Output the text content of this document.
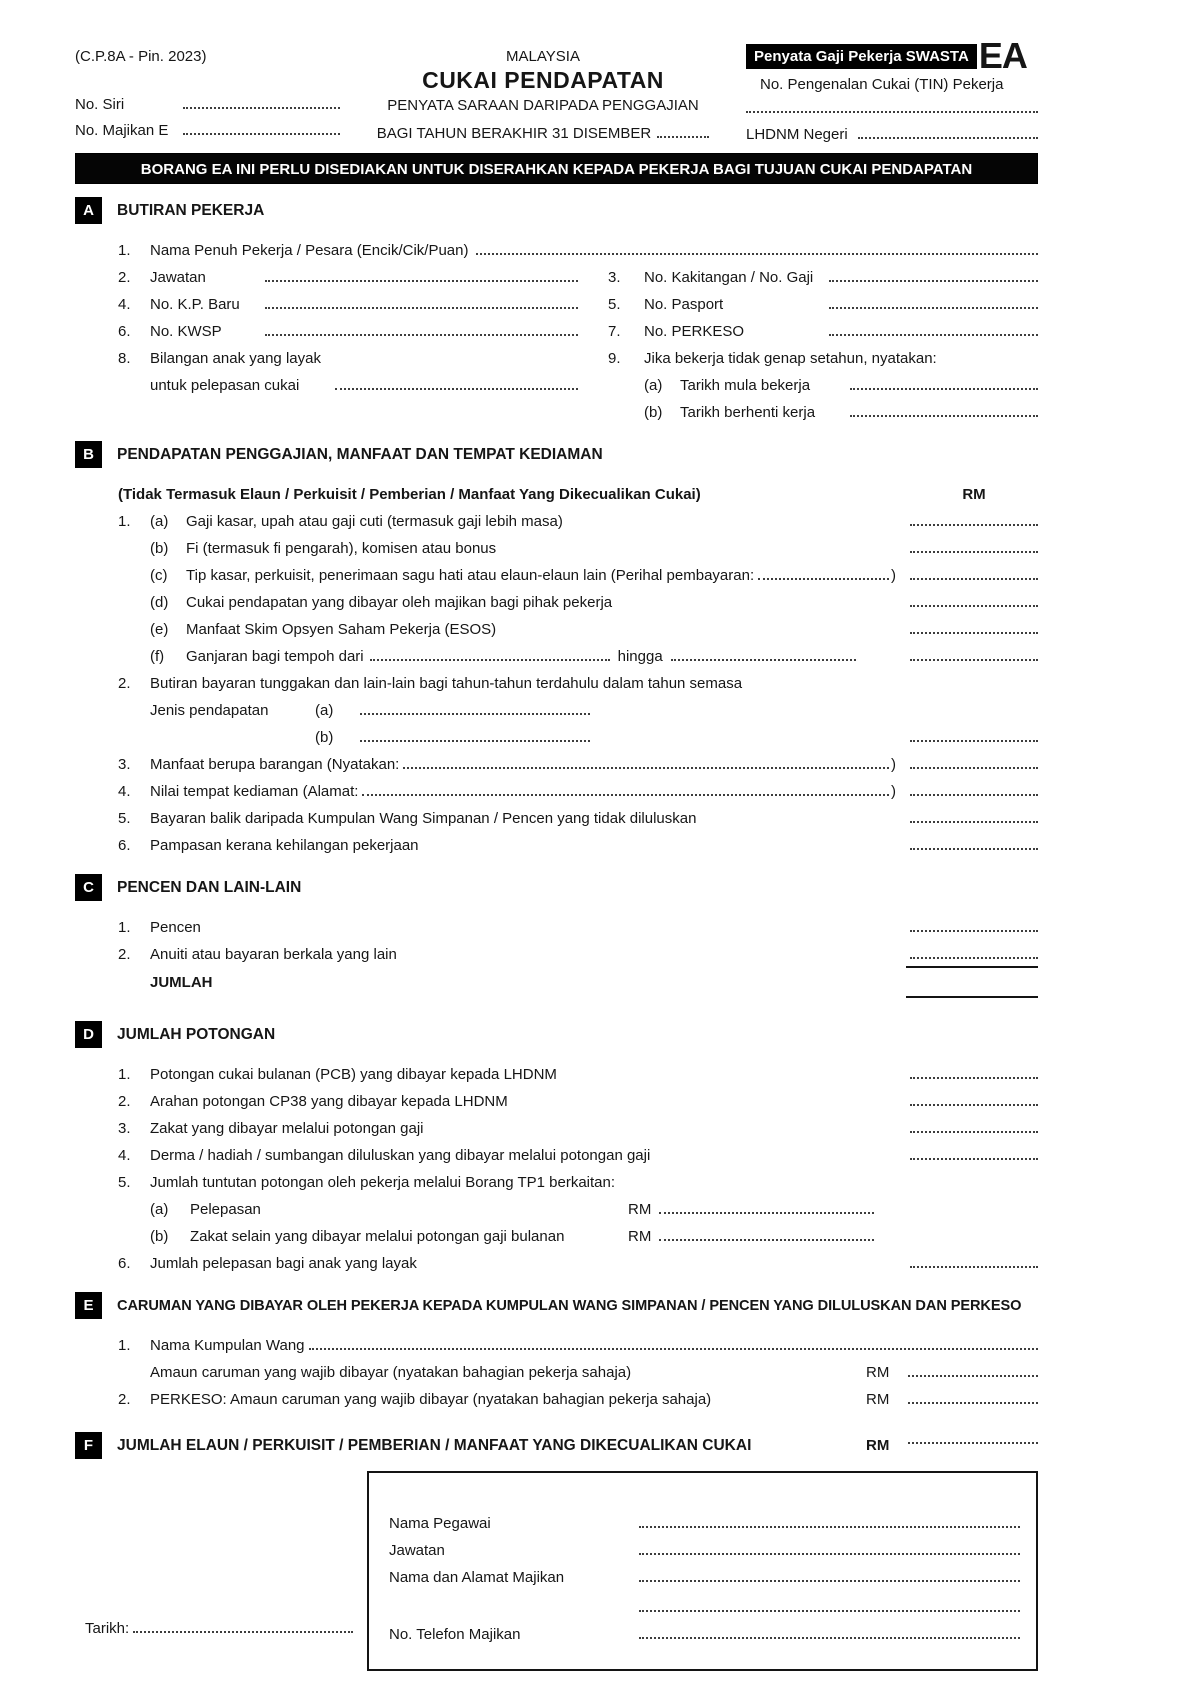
(C.P.8A - Pin. 2023)
No. Siri
No. Majikan E
MALAYSIA
CUKAI PENDAPATAN
PENYATA SARAAN DARIPADA PENGGAJIAN
BAGI TAHUN BERAKHIR 31 DISEMBER
Penyata Gaji Pekerja SWASTA EA
No. Pengenalan Cukai (TIN) Pekerja
LHDNM Negeri
BORANG EA INI PERLU DISEDIAKAN UNTUK DISERAHKAN KEPADA PEKERJA BAGI TUJUAN CUKAI PENDAPATAN
A	BUTIRAN PEKERJA
1.	Nama Penuh Pekerja / Pesara (Encik/Cik/Puan)
2.	Jawatan	3.	No. Kakitangan / No. Gaji
4.	No. K.P. Baru	5.	No. Pasport
6.	No. KWSP	7.	No. PERKESO
8.	Bilangan anak yang layak	9.	Jika bekerja tidak genap setahun, nyatakan:
untuk pelepasan cukai	(a)	Tarikh mula bekerja
(b)	Tarikh berhenti kerja
B	PENDAPATAN PENGGAJIAN, MANFAAT DAN TEMPAT KEDIAMAN
(Tidak Termasuk Elaun / Perkuisit / Pemberian / Manfaat Yang Dikecualikan Cukai)	RM
1.	(a)	Gaji kasar, upah atau gaji cuti (termasuk gaji lebih masa)
(b)	Fi (termasuk fi pengarah), komisen atau bonus
(c)	Tip kasar, perkuisit, penerimaan sagu hati atau elaun-elaun lain (Perihal pembayaran:	)
(d)	Cukai pendapatan yang dibayar oleh majikan bagi pihak pekerja
(e)	Manfaat Skim Opsyen Saham Pekerja (ESOS)
(f)	Ganjaran bagi tempoh dari	hingga
2.	Butiran bayaran tunggakan dan lain-lain bagi tahun-tahun terdahulu dalam tahun semasa
Jenis pendapatan	(a)
(b)
3.	Manfaat berupa barangan (Nyatakan:	)
4.	Nilai tempat kediaman (Alamat:	)
5.	Bayaran balik daripada Kumpulan Wang Simpanan / Pencen yang tidak diluluskan
6.	Pampasan kerana kehilangan pekerjaan
C	PENCEN DAN LAIN-LAIN
1.	Pencen
2.	Anuiti atau bayaran berkala yang lain
JUMLAH
D	JUMLAH POTONGAN
1.	Potongan cukai bulanan (PCB) yang dibayar kepada LHDNM
2.	Arahan potongan CP38 yang dibayar kepada LHDNM
3.	Zakat yang dibayar melalui potongan gaji
4.	Derma / hadiah / sumbangan diluluskan yang dibayar melalui potongan gaji
5.	Jumlah tuntutan potongan oleh pekerja melalui Borang TP1 berkaitan:
(a)	Pelepasan	RM
(b)	Zakat selain yang dibayar melalui potongan gaji bulanan	RM
6.	Jumlah pelepasan bagi anak yang layak
E	CARUMAN YANG DIBAYAR OLEH PEKERJA KEPADA KUMPULAN WANG SIMPANAN / PENCEN YANG DILULUSKAN DAN PERKESO
1.	Nama Kumpulan Wang
Amaun caruman yang wajib dibayar (nyatakan bahagian pekerja sahaja)	RM
2.	PERKESO: Amaun caruman yang wajib dibayar (nyatakan bahagian pekerja sahaja)	RM
F	JUMLAH ELAUN / PERKUISIT / PEMBERIAN / MANFAAT YANG DIKECUALIKAN CUKAI	RM
Tarikh:
Nama Pegawai
Jawatan
Nama dan Alamat Majikan
No. Telefon Majikan
